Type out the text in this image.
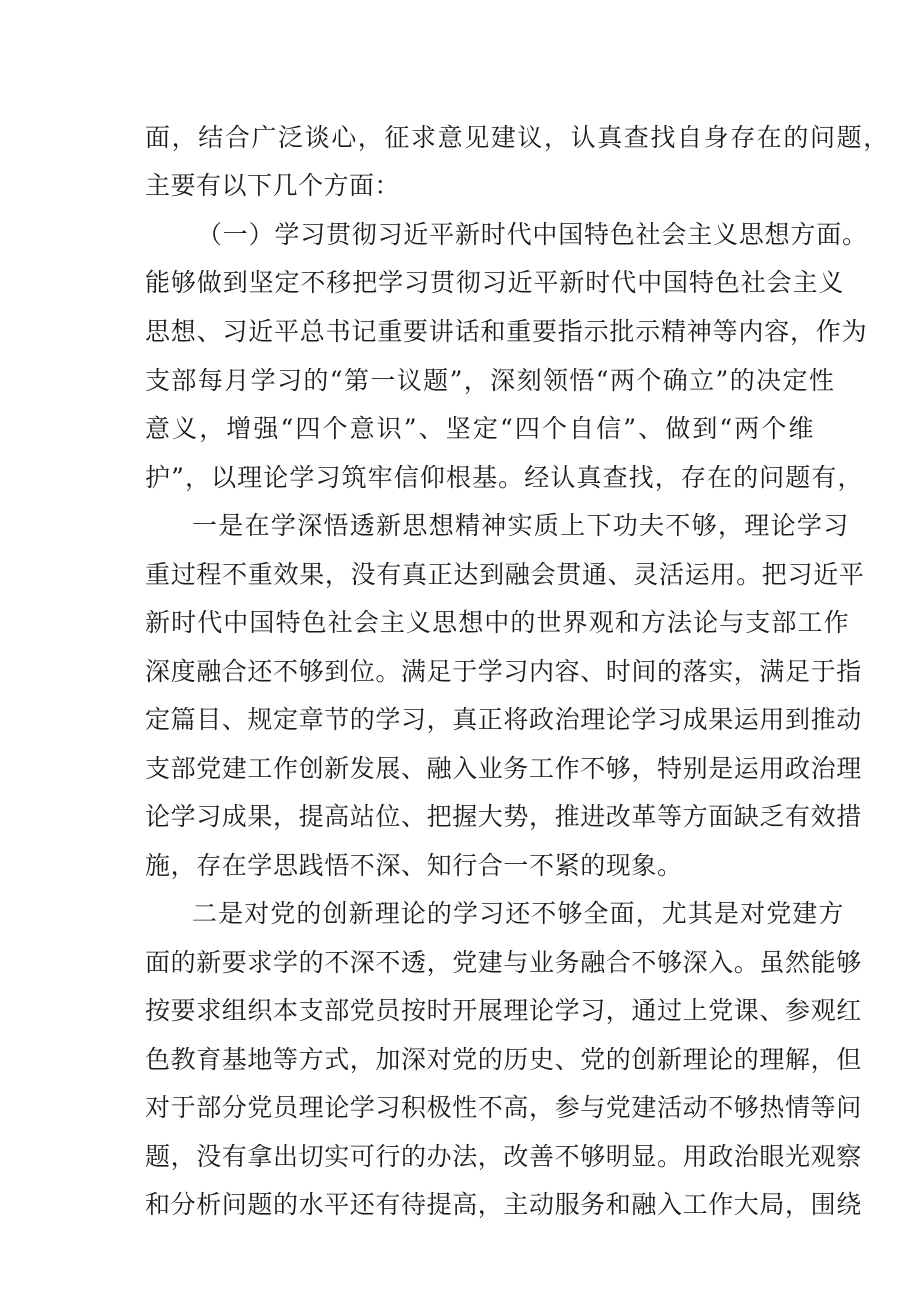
面，结合广泛谈心，征求意见建议，认真查找自身存在的问题，
主要有以下几个方面：
（一）学习贯彻习近平新时代中国特色社会主义思想方面。
能够做到坚定不移把学习贯彻习近平新时代中国特色社会主义
思想、习近平总书记重要讲话和重要指示批示精神等内容，作为
支部每月学习的“第一议题”，深刻领悟“两个确立”的决定性
意义，增强“四个意识”、坚定“四个自信”、做到“两个维
护”，以理论学习筑牢信仰根基。经认真查找，存在的问题有，
一是在学深悟透新思想精神实质上下功夫不够，理论学习
重过程不重效果，没有真正达到融会贯通、灵活运用。把习近平
新时代中国特色社会主义思想中的世界观和方法论与支部工作
深度融合还不够到位。满足于学习内容、时间的落实，满足于指
定篇目、规定章节的学习，真正将政治理论学习成果运用到推动
支部党建工作创新发展、融入业务工作不够，特别是运用政治理
论学习成果，提高站位、把握大势，推进改革等方面缺乏有效措
施，存在学思践悟不深、知行合一不紧的现象。
二是对党的创新理论的学习还不够全面，尤其是对党建方
面的新要求学的不深不透，党建与业务融合不够深入。虽然能够
按要求组织本支部党员按时开展理论学习，通过上党课、参观红
色教育基地等方式，加深对党的历史、党的创新理论的理解，但
对于部分党员理论学习积极性不高，参与党建活动不够热情等问
题，没有拿出切实可行的办法，改善不够明显。用政治眼光观察
和分析问题的水平还有待提高，主动服务和融入工作大局，围绕
